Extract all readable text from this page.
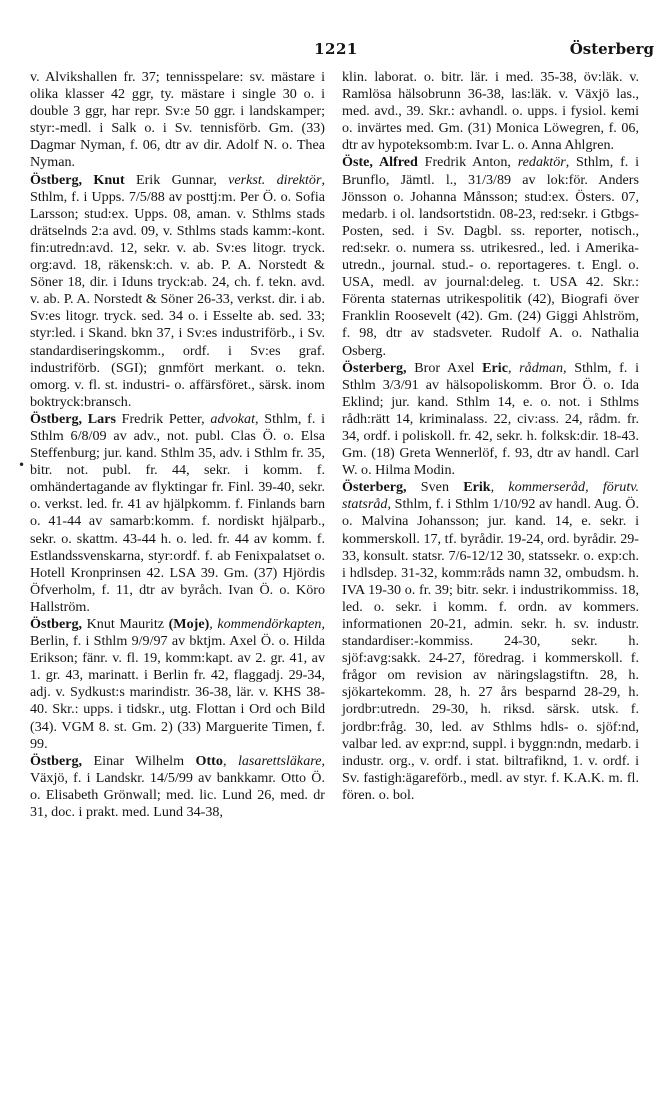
1221	Österberg
•

v. Alvikshallen fr. 37; tennisspelare: sv. mästare i olika klasser 42 ggr, ty. mästare i single 30 o. i double 3 ggr, har repr. Sv:e 50 ggr. i landskamper; styr:-medl. i Salk o. i Sv. tennisförb. Gm. (33) Dagmar Nyman, f. 06, dtr av dir. Adolf N. o. Thea Nyman.

Östberg, Knut Erik Gunnar, verkst. direktör, Sthlm, f. i Upps. 7/5/88 av posttj:m. Per Ö. o. Sofia Larsson; stud:ex. Upps. 08, aman. v. Sthlms stads drätselnds 2:a avd. 09, v. Sthlms stads kamm:-kont. fin:utredn:avd. 12, sekr. v. ab. Sv:es litogr. tryck. org:avd. 18, räkensk:ch. v. ab. P. A. Norstedt & Söner 18, dir. i Iduns tryck:ab. 24, ch. f. tekn. avd. v. ab. P. A. Norstedt & Söner 26-33, verkst. dir. i ab. Sv:es litogr. tryck. sed. 34 o. i Esselte ab. sed. 33; styr:led. i Skand. bkn 37, i Sv:es industriförb., i Sv. standardiseringskomm., ordf. i Sv:es graf. industriförb. (SGI); gnmfört merkant. o. tekn. omorg. v. fl. st. industri- o. affärsföret., särsk. inom boktryck:bransch.

Östberg, Lars Fredrik Petter, advokat, Sthlm, f. i Sthlm 6/8/09 av adv., not. publ. Clas Ö. o. Elsa Steffenburg; jur. kand. Sthlm 35, adv. i Sthlm fr. 35, bitr. not. publ. fr. 44, sekr. i komm. f. omhändertagande av flyktingar fr. Finl. 39-40, sekr. o. verkst. led. fr. 41 av hjälpkomm. f. Finlands barn o. 41-44 av samarb:komm. f. nordiskt hjälparb., sekr. o. skattm. 43-44 h. o. led. fr. 44 av komm. f. Estlandssvenskarna, styr:ordf. f. ab Fenixpalatset o. Hotell Kronprinsen 42. LSA 39. Gm. (37) Hjördis Öfverholm, f. 11, dtr av byråch. Ivan Ö. o. Köro Hallström.

Östberg, Knut Mauritz (Moje), kommendörkapten, Berlin, f. i Sthlm 9/9/97 av bktjm. Axel Ö. o. Hilda Erikson; fänr. v. fl. 19, komm:kapt. av 2. gr. 41, av 1. gr. 43, marinatt. i Berlin fr. 42, flaggadj. 29-34, adj. v. Sydkust:s marindistr. 36-38, lär. v. KHS 38-40. Skr.: upps. i tidskr., utg. Flottan i Ord och Bild (34). VGM 8. st. Gm. 2) (33) Marguerite Timen, f. 99.

Östberg, Einar Wilhelm Otto, lasarettsläkare, Växjö, f. i Landskr. 14/5/99 av bankkamr. Otto Ö. o. Elisabeth Grönwall; med. lic. Lund 26, med. dr 31, doc. i prakt. med. Lund 34-38,

klin. laborat. o. bitr. lär. i med. 35-38, öv:läk. v. Ramlösa hälsobrunn 36-38, las:läk. v. Växjö las., med. avd., 39. Skr.: avhandl. o. upps. i fysiol. kemi o. invärtes med. Gm. (31) Monica Löwegren, f. 06, dtr av hypoteksomb:m. Ivar L. o. Anna Ahlgren.

Öste, Alfred Fredrik Anton, redaktör, Sthlm, f. i Brunflo, Jämtl. l., 31/3/89 av lok:för. Anders Jönsson o. Johanna Månsson; stud:ex. Östers. 07, medarb. i ol. landsortstidn. 08-23, red:sekr. i Gtbgs-Posten, sed. i Sv. Dagbl. ss. reporter, notisch., red:sekr. o. numera ss. utrikesred., led. i Amerika-utredn., journal. stud.- o. reportageres. t. Engl. o. USA, medl. av journal:deleg. t. USA 42. Skr.: Förenta staternas utrikespolitik (42), Biografi över Franklin Roosevelt (42). Gm. (24) Giggi Ahlström, f. 98, dtr av stadsveter. Rudolf A. o. Nathalia Osberg.

Österberg, Bror Axel Eric, rådman, Sthlm, f. i Sthlm 3/3/91 av hälsopoliskomm. Bror Ö. o. Ida Eklind; jur. kand. Sthlm 14, e. o. not. i Sthlms rådh:rätt 14, kriminalass. 22, civ:ass. 24, rådm. fr. 34, ordf. i poliskoll. fr. 42, sekr. h. folksk:dir. 18-43. Gm. (18) Greta Wennerlöf, f. 93, dtr av handl. Carl W. o. Hilma Modin.

Österberg, Sven Erik, kommerseråd, förutv. statsråd, Sthlm, f. i Sthlm 1/10/92 av handl. Aug. Ö. o. Malvina Johansson; jur. kand. 14, e. sekr. i kommerskoll. 17, tf. byrådir. 19-24, ord. byrådir. 29-33, konsult. statsr. 7/6-12/12 30, statssekr. o. exp:ch. i hdlsdep. 31-32, komm:råds namn 32, ombudsm. h. IVA 19-30 o. fr. 39; bitr. sekr. i industrikommiss. 18, led. o. sekr. i komm. f. ordn. av kommers. informationen 20-21, admin. sekr. h. sv. industr. standardiser:-kommiss. 24-30, sekr. h. sjöf:avg:sakk. 24-27, föredrag. i kommerskoll. f. frågor om revision av näringslagstiftn. 28, h. sjökartekomm. 28, h. 27 års besparnd 28-29, h. jordbr:utredn. 29-30, h. riksd. särsk. utsk. f. jordbr:fråg. 30, led. av Sthlms hdls- o. sjöf:nd, valbar led. av expr:nd, suppl. i byggn:ndn, medarb. i industr. org., v. ordf. i stat. biltrafiknd, 1. v. ordf. i Sv. fastigh:ägareförb., medl. av styr. f. K.A.K. m. fl. fören. o. bol.
